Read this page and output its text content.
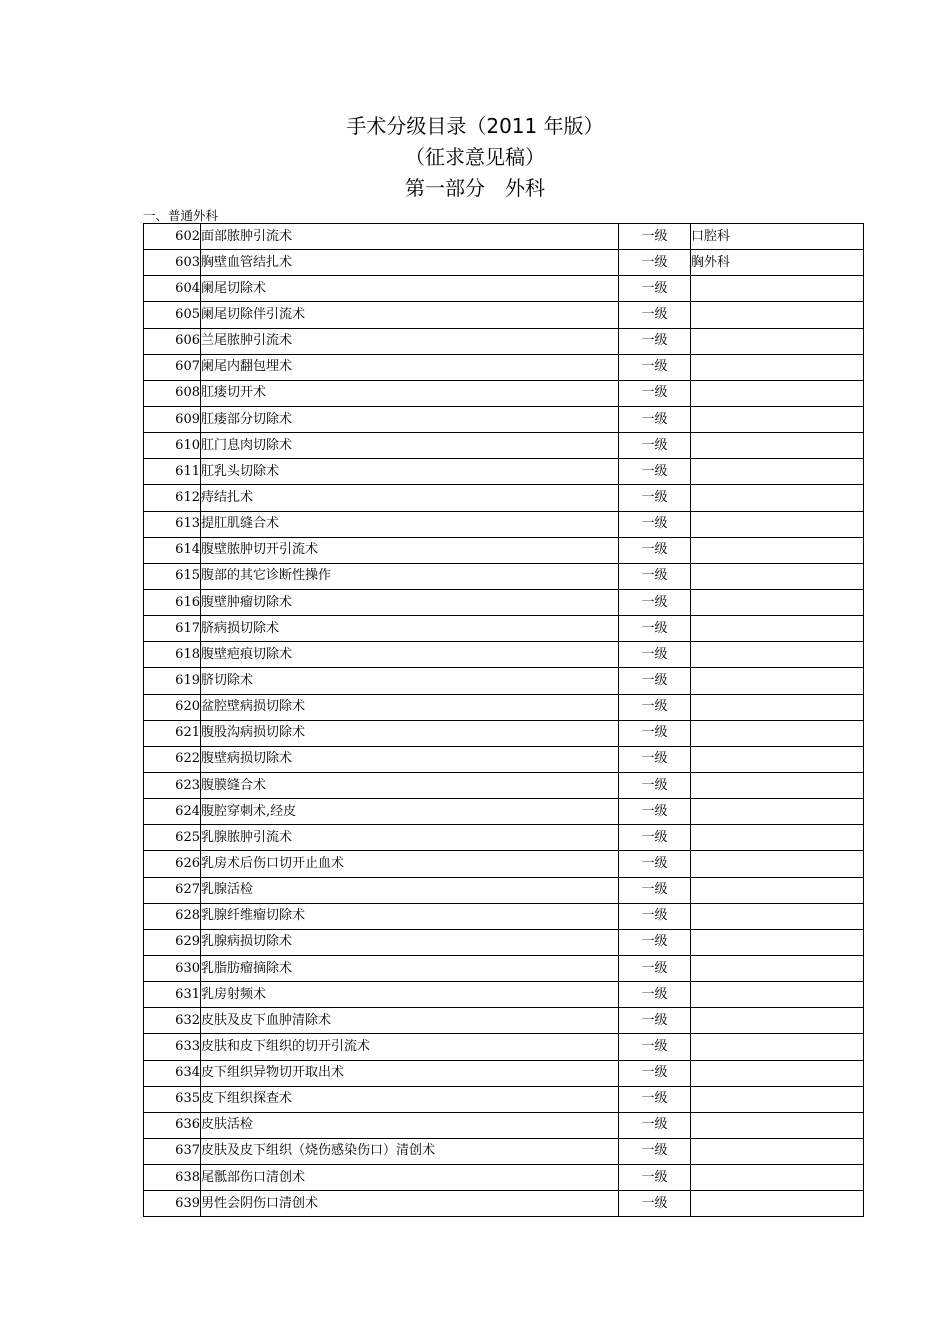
手术分级目录（2011 年版）
（征求意见稿）
第一部分　外科
一、普通外科
602	面部脓肿引流术	一级	口腔科
603	胸壁血管结扎术	一级	胸外科
604	阑尾切除术	一级	
605	阑尾切除伴引流术	一级	
606	兰尾脓肿引流术	一级	
607	阑尾内翻包埋术	一级	
608	肛瘘切开术	一级	
609	肛瘘部分切除术	一级	
610	肛门息肉切除术	一级	
611	肛乳头切除术	一级	
612	痔结扎术	一级	
613	提肛肌缝合术	一级	
614	腹壁脓肿切开引流术	一级	
615	腹部的其它诊断性操作	一级	
616	腹壁肿瘤切除术	一级	
617	脐病损切除术	一级	
618	腹壁疤痕切除术	一级	
619	脐切除术	一级	
620	盆腔壁病损切除术	一级	
621	腹股沟病损切除术	一级	
622	腹壁病损切除术	一级	
623	腹膜缝合术	一级	
624	腹腔穿刺术,经皮	一级	
625	乳腺脓肿引流术	一级	
626	乳房术后伤口切开止血术	一级	
627	乳腺活检	一级	
628	乳腺纤维瘤切除术	一级	
629	乳腺病损切除术	一级	
630	乳脂肪瘤摘除术	一级	
631	乳房射频术	一级	
632	皮肤及皮下血肿清除术	一级	
633	皮肤和皮下组织的切开引流术	一级	
634	皮下组织异物切开取出术	一级	
635	皮下组织探查术	一级	
636	皮肤活检	一级	
637	皮肤及皮下组织（烧伤感染伤口）清创术	一级	
638	尾骶部伤口清创术	一级	
639	男性会阴伤口清创术	一级	
